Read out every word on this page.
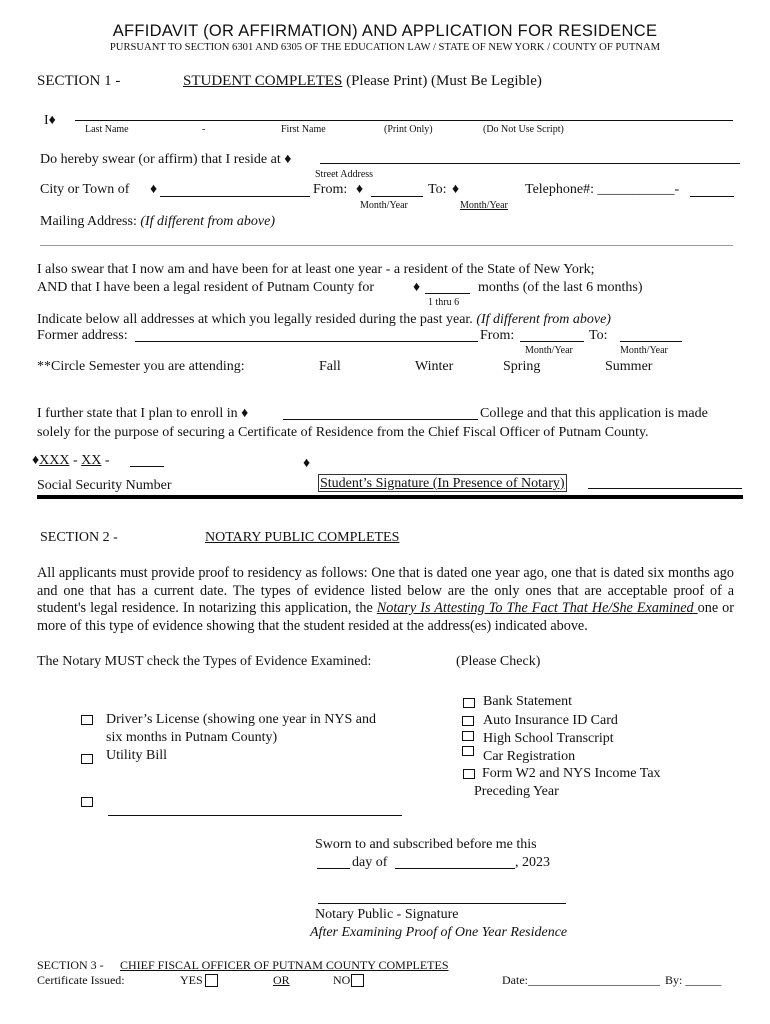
AFFIDAVIT (OR AFFIRMATION) AND APPLICATION FOR RESIDENCE
PURSUANT TO SECTION 6301 AND 6305 OF THE EDUCATION LAW / STATE OF NEW YORK / COUNTY OF PUTNAM
SECTION 1 -	STUDENT COMPLETES (Please Print) (Must Be Legible)
I♦
Last Name	-	First Name	(Print Only)	(Do Not Use Script)
Do hereby swear (or affirm) that I reside at ♦
Street Address
City or Town of ♦	From: ♦	To: ♦	Telephone#: ___________-
Month/Year	Month/Year
Mailing Address: (If different from above)
I also swear that I now am and have been for at least one year - a resident of the State of New York;
AND that I have been a legal resident of Putnam County for	♦	months (of the last 6 months)
1 thru 6
Indicate below all addresses at which you legally resided during the past year. (If different from above)
Former address:	From:	To:
Month/Year	Month/Year
**Circle Semester you are attending:	Fall	Winter	Spring	Summer
I further state that I plan to enroll in ♦	College and that this application is made
solely for the purpose of securing a Certificate of Residence from the Chief Fiscal Officer of Putnam County.
♦XXX - XX -	♦
Social Security Number	Student’s Signature (In Presence of Notary)
SECTION 2 -	NOTARY PUBLIC COMPLETES
All applicants must provide proof to residency as follows: One that is dated one year ago, one that is dated six months ago and one that has a current date. The types of evidence listed below are the only ones that are acceptable proof of a student's legal residence. In notarizing this application, the Notary Is Attesting To The Fact That He/She Examined one or more of this type of evidence showing that the student resided at the address(es) indicated above.
The Notary MUST check the Types of Evidence Examined:	(Please Check)
Driver’s License (showing one year in NYS and
six months in Putnam County)
Utility Bill
Bank Statement
Auto Insurance ID Card
High School Transcript
Car Registration
Form W2 and NYS Income Tax
Preceding Year
Sworn to and subscribed before me this
day of	, 2023
Notary Public - Signature
After Examining Proof of One Year Residence
SECTION 3 - CHIEF FISCAL OFFICER OF PUTNAM COUNTY COMPLETES
Certificate Issued:	YES	OR	NO	Date:______________________ By: ______
